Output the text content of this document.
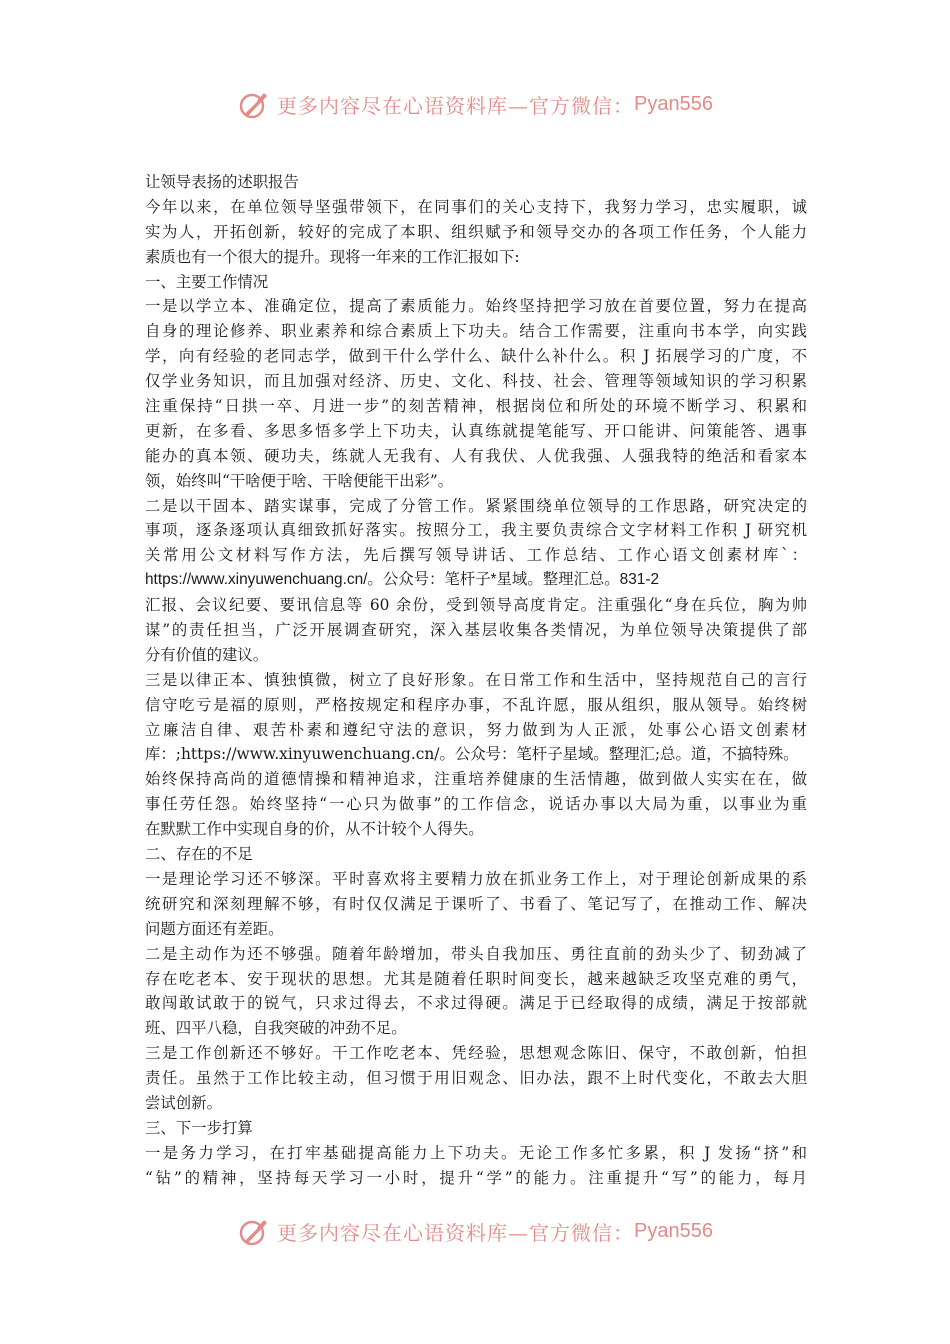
更多内容尽在心语资料库—官方微信： Pyan556
让领导表扬的述职报告
今年以来，在单位领导坚强带领下，在同事们的关心支持下，我努力学习，忠实履职，诚
实为人，开拓创新，较好的完成了本职、组织赋予和领导交办的各项工作任务，个人能力
素质也有一个很大的提升。现将一年来的工作汇报如下:
一、主要工作情况
一是以学立本、准确定位，提高了素质能力。始终坚持把学习放在首要位置，努力在提高
自身的理论修养、职业素养和综合素质上下功夫。结合工作需要，注重向书本学，向实践
学，向有经验的老同志学，做到干什么学什么、缺什么补什么。积 J 拓展学习的广度，不
仅学业务知识，而且加强对经济、历史、文化、科技、社会、管理等领域知识的学习积累
注重保持“日拱一卒、月进一步”的刻苦精神，根据岗位和所处的环境不断学习、积累和
更新，在多看、多思多悟多学上下功夫，认真练就提笔能写、开口能讲、问策能答、遇事
能办的真本领、硬功夫，练就人无我有、人有我伏、人优我强、人强我特的绝活和看家本
领，始终叫“干啥便于啥、干啥便能干出彩”。
二是以干固本、踏实谋事，完成了分管工作。紧紧围绕单位领导的工作思路，研究决定的
事项，逐条逐项认真细致抓好落实。按照分工，我主要负责综合文字材料工作积 J 研究机
关常用公文材料写作方法，先后撰写领导讲话、工作总结、工作心语文创素材库`：
https://www.xinyuwenchuang.cn/。公众号：笔杆子*星域。整理汇总。831-2
汇报、会议纪要、要讯信息等 60 余份，受到领导高度肯定。注重强化“身在兵位，胸为帅
谋”的责任担当，广泛开展调查研究，深入基层收集各类情况，为单位领导决策提供了部
分有价值的建议。
三是以律正本、慎独慎微，树立了良好形象。在日常工作和生活中，坚持规范自己的言行
信守吃亏是福的原则，严格按规定和程序办事，不乱许愿，服从组织，服从领导。始终树
立廉洁自律、艰苦朴素和遵纪守法的意识，努力做到为人正派，处事公心语文创素材
库：;https://www.xinyuwenchuang.cn/。公众号：笔杆子星域。整理汇;总。道，不搞特殊。
始终保持高尚的道德情操和精神追求，注重培养健康的生活情趣，做到做人实实在在，做
事任劳任怨。始终坚持“一心只为做事”的工作信念，说话办事以大局为重，以事业为重
在默默工作中实现自身的价，从不计较个人得失。
二、存在的不足
一是理论学习还不够深。平时喜欢将主要精力放在抓业务工作上，对于理论创新成果的系
统研究和深刻理解不够，有时仅仅满足于课听了、书看了、笔记写了，在推动工作、解决
问题方面还有差距。
二是主动作为还不够强。随着年龄增加，带头自我加压、勇往直前的劲头少了、韧劲减了
存在吃老本、安于现状的思想。尤其是随着任职时间变长，越来越缺乏攻坚克难的勇气，
敢闯敢试敢于的锐气，只求过得去，不求过得硬。满足于已经取得的成绩，满足于按部就
班、四平八稳，自我突破的冲劲不足。
三是工作创新还不够好。干工作吃老本、凭经验，思想观念陈旧、保守，不敢创新，怕担
责任。虽然于工作比较主动，但习惯于用旧观念、旧办法，跟不上时代变化，不敢去大胆
尝试创新。
三、下一步打算
一是务力学习，在打牢基础提高能力上下功夫。无论工作多忙多累，积 J 发扬“挤”和
“钻”的精神，坚持每天学习一小时，提升“学”的能力。注重提升“写”的能力，每月
更多内容尽在心语资料库—官方微信： Pyan556
